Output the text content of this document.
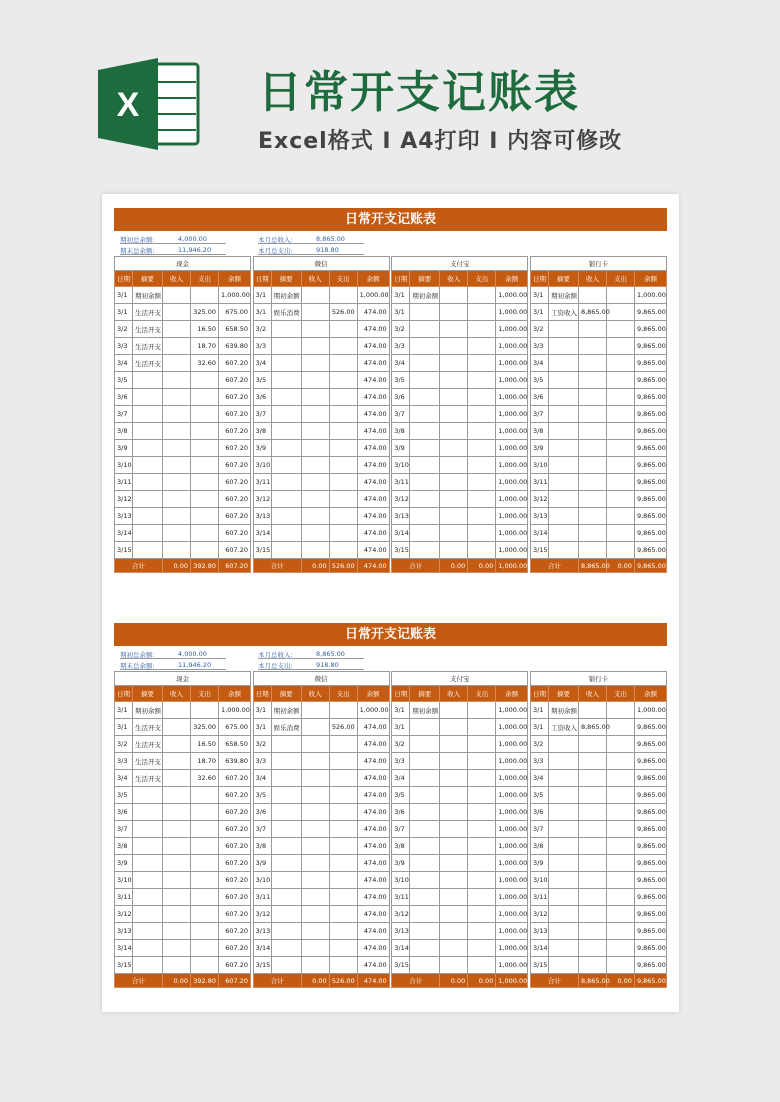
X	日常开支记账表
Excel格式 I A4打印 I 内容可修改
日常开支记账表
期初总余额:	4,000.00
期末总余额:	11,946.20
本月总收入:	8,865.00
本月总支出:	918.80
现金				
日期	摘要	收入	支出	余额
3/1	期初余额			1,000.00
3/1	生活开支		325.00	675.00
3/2	生活开支		16.50	658.50
3/3	生活开支		18.70	639.80
3/4	生活开支		32.60	607.20
3/5				607.20
3/6				607.20
3/7				607.20
3/8				607.20
3/9				607.20
3/10				607.20
3/11				607.20
3/12				607.20
3/13				607.20
3/14				607.20
3/15				607.20
合计		0.00	392.80	607.20
微信				
日期	摘要	收入	支出	余额
3/1	期初余额			1,000.00
3/1	娱乐消费		526.00	474.00
3/2				474.00
3/3				474.00
3/4				474.00
3/5				474.00
3/6				474.00
3/7				474.00
3/8				474.00
3/9				474.00
3/10				474.00
3/11				474.00
3/12				474.00
3/13				474.00
3/14				474.00
3/15				474.00
合计		0.00	526.00	474.00
支付宝				
日期	摘要	收入	支出	余额
3/1	期初余额			1,000.00
3/1				1,000.00
3/2				1,000.00
3/3				1,000.00
3/4				1,000.00
3/5				1,000.00
3/6				1,000.00
3/7				1,000.00
3/8				1,000.00
3/9				1,000.00
3/10				1,000.00
3/11				1,000.00
3/12				1,000.00
3/13				1,000.00
3/14				1,000.00
3/15				1,000.00
合计		0.00	0.00	1,000.00
银行卡				
日期	摘要	收入	支出	余额
3/1	期初余额			1,000.00
3/1	工资收入	8,865.00		9,865.00
3/2				9,865.00
3/3				9,865.00
3/4				9,865.00
3/5				9,865.00
3/6				9,865.00
3/7				9,865.00
3/8				9,865.00
3/9				9,865.00
3/10				9,865.00
3/11				9,865.00
3/12				9,865.00
3/13				9,865.00
3/14				9,865.00
3/15				9,865.00
合计		8,865.00	0.00	9,865.00
日常开支记账表
期初总余额:	4,000.00
期末总余额:	11,946.20
本月总收入:	8,865.00
本月总支出:	918.80
现金				
日期	摘要	收入	支出	余额
3/1	期初余额			1,000.00
3/1	生活开支		325.00	675.00
3/2	生活开支		16.50	658.50
3/3	生活开支		18.70	639.80
3/4	生活开支		32.60	607.20
3/5				607.20
3/6				607.20
3/7				607.20
3/8				607.20
3/9				607.20
3/10				607.20
3/11				607.20
3/12				607.20
3/13				607.20
3/14				607.20
3/15				607.20
合计		0.00	392.80	607.20
微信				
日期	摘要	收入	支出	余额
3/1	期初余额			1,000.00
3/1	娱乐消费		526.00	474.00
3/2				474.00
3/3				474.00
3/4				474.00
3/5				474.00
3/6				474.00
3/7				474.00
3/8				474.00
3/9				474.00
3/10				474.00
3/11				474.00
3/12				474.00
3/13				474.00
3/14				474.00
3/15				474.00
合计		0.00	526.00	474.00
支付宝				
日期	摘要	收入	支出	余额
3/1	期初余额			1,000.00
3/1				1,000.00
3/2				1,000.00
3/3				1,000.00
3/4				1,000.00
3/5				1,000.00
3/6				1,000.00
3/7				1,000.00
3/8				1,000.00
3/9				1,000.00
3/10				1,000.00
3/11				1,000.00
3/12				1,000.00
3/13				1,000.00
3/14				1,000.00
3/15				1,000.00
合计		0.00	0.00	1,000.00
银行卡				
日期	摘要	收入	支出	余额
3/1	期初余额			1,000.00
3/1	工资收入	8,865.00		9,865.00
3/2				9,865.00
3/3				9,865.00
3/4				9,865.00
3/5				9,865.00
3/6				9,865.00
3/7				9,865.00
3/8				9,865.00
3/9				9,865.00
3/10				9,865.00
3/11				9,865.00
3/12				9,865.00
3/13				9,865.00
3/14				9,865.00
3/15				9,865.00
合计		8,865.00	0.00	9,865.00
